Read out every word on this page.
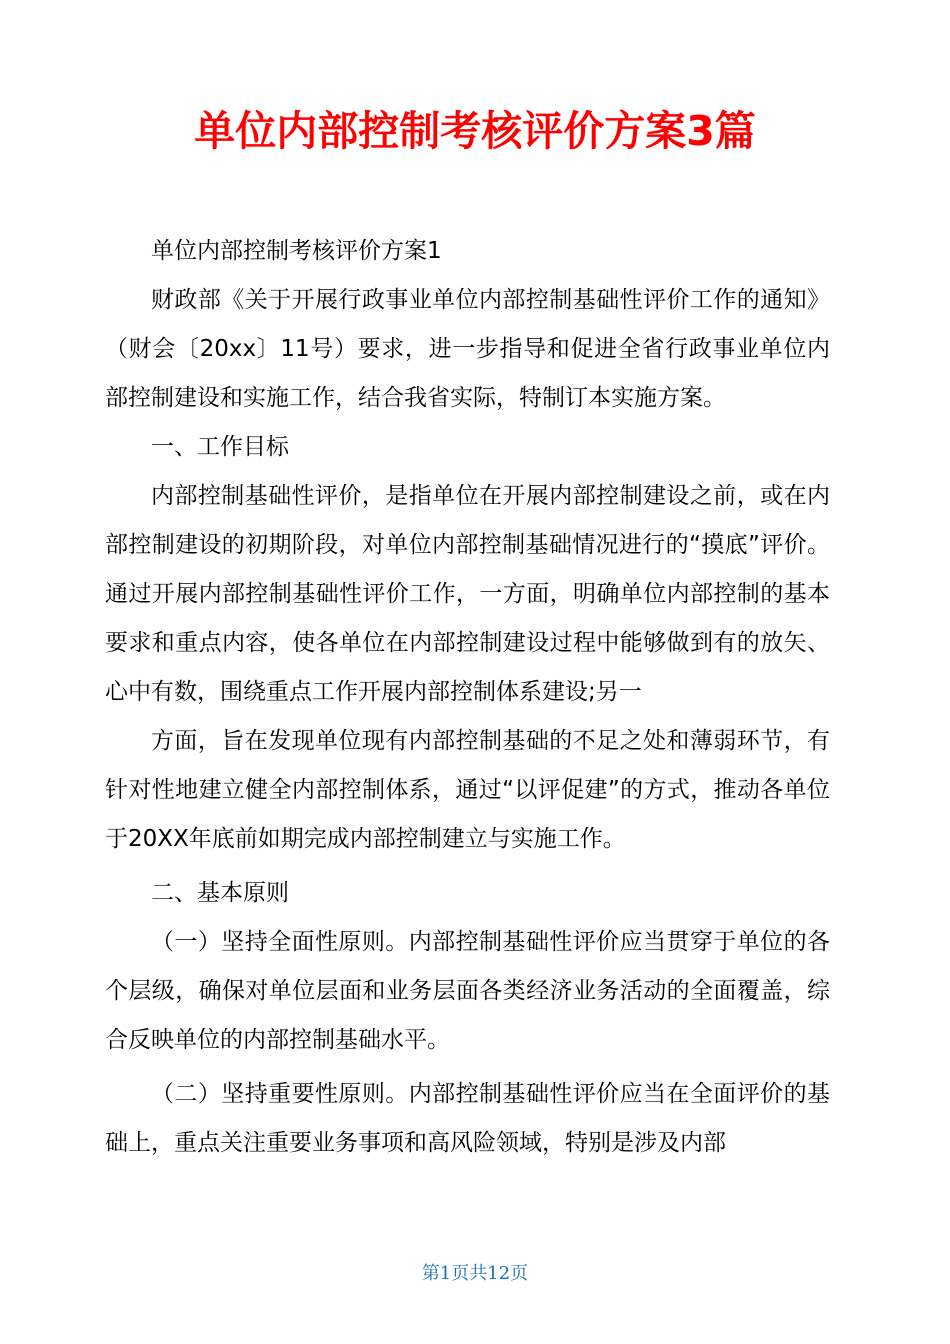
单位内部控制考核评价方案3篇

单位内部控制考核评价方案1

财政部《关于开展行政事业单位内部控制基础性评价工作的通知》（财会〔20xx〕11号）要求，进一步指导和促进全省行政事业单位内部控制建设和实施工作，结合我省实际，特制订本实施方案。

一、工作目标

内部控制基础性评价，是指单位在开展内部控制建设之前，或在内部控制建设的初期阶段，对单位内部控制基础情况进行的“摸底”评价。通过开展内部控制基础性评价工作，一方面，明确单位内部控制的基本要求和重点内容，使各单位在内部控制建设过程中能够做到有的放矢、心中有数，围绕重点工作开展内部控制体系建设;另一

方面，旨在发现单位现有内部控制基础的不足之处和薄弱环节，有针对性地建立健全内部控制体系，通过“以评促建”的方式，推动各单位于20XX年底前如期完成内部控制建立与实施工作。

二、基本原则

（一）坚持全面性原则。内部控制基础性评价应当贯穿于单位的各个层级，确保对单位层面和业务层面各类经济业务活动的全面覆盖，综合反映单位的内部控制基础水平。

（二）坚持重要性原则。内部控制基础性评价应当在全面评价的基础上，重点关注重要业务事项和高风险领域，特别是涉及内部

第1页共12页
